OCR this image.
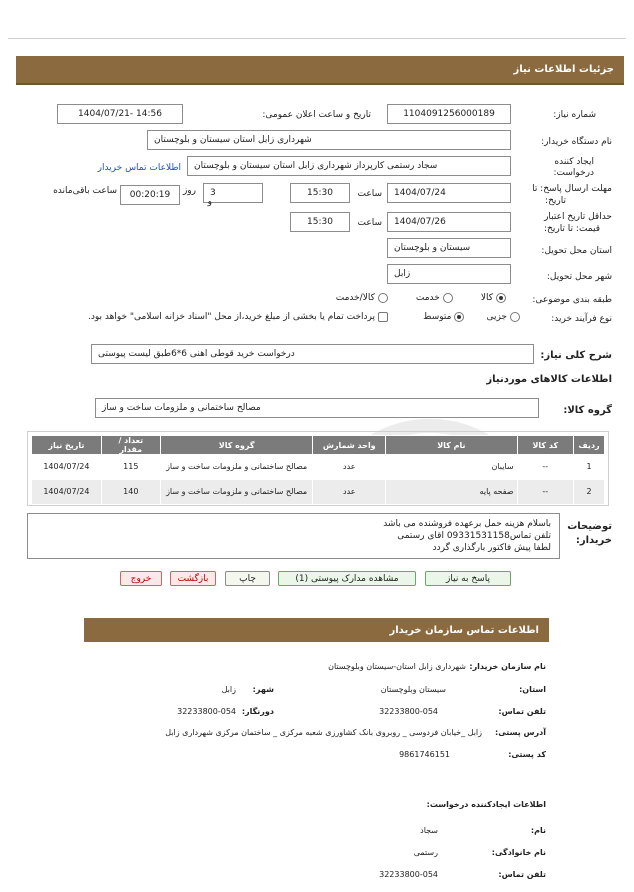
جزئیات اطلاعات نیاز
شماره نیاز:
1104091256000189
تاریخ و ساعت اعلان عمومی:
1404/07/21- 14:56
نام دستگاه خریدار:
شهرداری زابل استان سیستان و بلوچستان
ایجاد کننده
درخواست:
سجاد رستمی کارپرداز شهرداری زابل استان سیستان و بلوچستان
اطلاعات تماس خریدار
مهلت ارسال پاسخ: تا
تاریخ:
1404/07/24
ساعت
15:30
3
روز
و
00:20:19
ساعت باقی‌مانده
حداقل تاریخ اعتبار
قیمت: تا تاریخ:
1404/07/26
ساعت
15:30
استان محل تحویل:
سیستان و بلوچستان
شهر محل تحویل:
زابل
طبقه بندی موضوعی:
کالا
خدمت
کالا/خدمت
نوع فرآیند خرید:
جزیی
متوسط
پرداخت تمام یا بخشی از مبلغ خرید،از محل "اسناد خزانه اسلامی" خواهد بود.
شرح کلی نیاز:
درخواست خرید قوطی اهنی 6*6طبق لیست پیوستی
اطلاعات کالاهای موردنیاز
گروه کالا:
مصالح ساختمانی و ملزومات ساخت و ساز
ردیف	کد کالا	نام کالا	واحد شمارش	گروه کالا	تعداد / مقدار	تاریخ نیاز
1	--	سایبان	عدد	مصالح ساختمانی و ملزومات ساخت و ساز	115	1404/07/24
2	--	صفحه پایه	عدد	مصالح ساختمانی و ملزومات ساخت و ساز	140	1404/07/24
توضیحات
خریدار:
باسلام هزینه حمل برعهده فروشنده می باشد
تلفن تماس09331531158 اقای رستمی
لطفا پیش فاکتور بارگذاری گردد
پاسخ به نیاز
مشاهده مدارک پیوستی (1)
چاپ
بازگشت
خروج
اطلاعات تماس سازمان خریدار
نام سازمان خریدار:
شهرداری زابل استان-سیستان وبلوچستان
استان:
سیستان وبلوچستان
شهر:
زابل
تلفن تماس:
32233800-054
دورنگار:
32233800-054
آدرس پستی:
زابل _خیابان فردوسی _ روبروی بانک کشاورزی شعبه مرکزی _ ساختمان مرکزی شهرداری زابل
کد پستی:
9861746151
اطلاعات ایجادکننده درخواست:
نام:
سجاد
نام خانوادگی:
رستمی
تلفن تماس:
32233800-054
